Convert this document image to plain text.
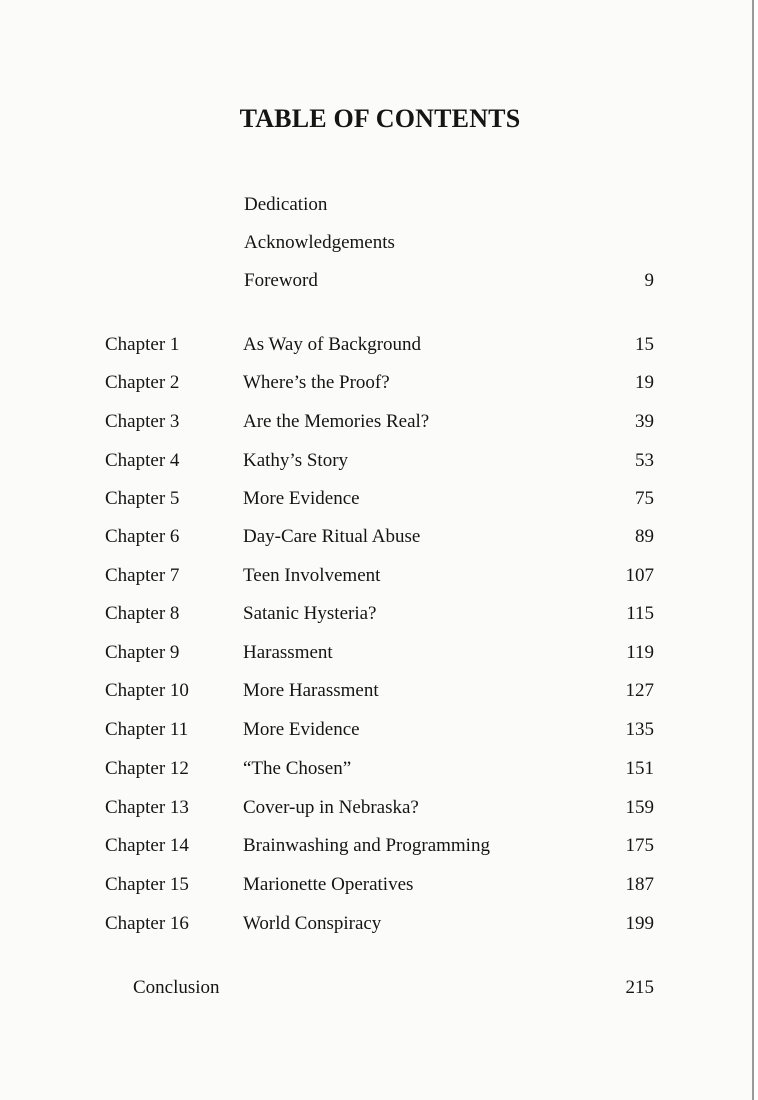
TABLE OF CONTENTS
Dedication
Acknowledgements
Foreword	9
Chapter 1	As Way of Background	15
Chapter 2	Where’s the Proof?	19
Chapter 3	Are the Memories Real?	39
Chapter 4	Kathy’s Story	53
Chapter 5	More Evidence	75
Chapter 6	Day-Care Ritual Abuse	89
Chapter 7	Teen Involvement	107
Chapter 8	Satanic Hysteria?	115
Chapter 9	Harassment	119
Chapter 10	More Harassment	127
Chapter 11	More Evidence	135
Chapter 12	“The Chosen”	151
Chapter 13	Cover-up in Nebraska?	159
Chapter 14	Brainwashing and Programming	175
Chapter 15	Marionette Operatives	187
Chapter 16	World Conspiracy	199
Conclusion	215
